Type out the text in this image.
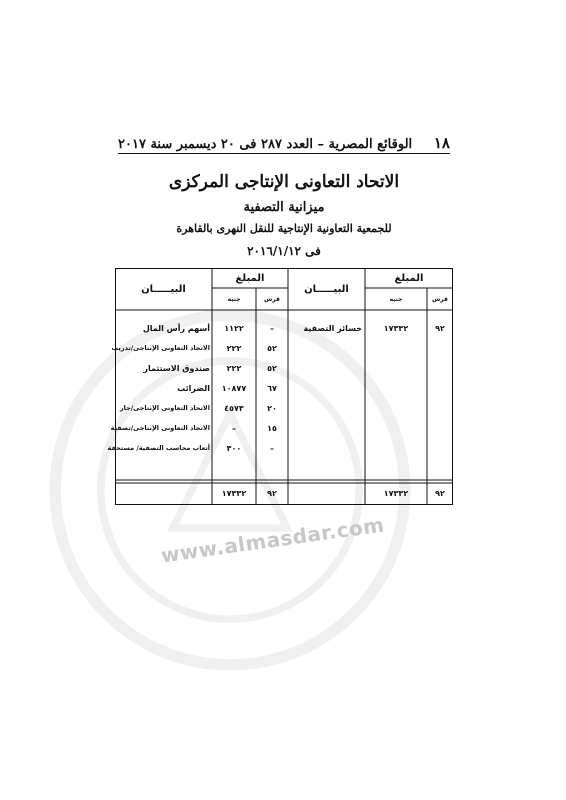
www.almasdar.com
١٨
الوقائع المصرية – العدد ٢٨٧ فى ٢٠ ديسمبر سنة ٢٠١٧
الاتحاد التعاونى الإنتاجى المركزى
ميزانية التصفية
للجمعية التعاونية الإنتاجية للنقل النهرى بالقاهرة
فى ٢٠١٦/١/١٢
المبلغ
قرش
جنيه
البيـــــان
المبلغ
قرش
جنيه
البيـــــان
٩٢
١٧٣٣٢
خسائر التصفية
–
١١٢٢
أسهم رأس المال
٥٢
٢٢٢
الاتحاد التعاونى الإنتاجى/تدريب
٥٢
٢٢٢
صندوق الاستثمار
٦٧
١٠٨٧٧
الضرائب
٢٠
٤٥٧٣
الاتحاد التعاونى الإنتاجى/جار
١٥
–
الاتحاد التعاونى الإنتاجى/تصفية
–
٣٠٠
أتعاب محاسب التصفية/ مستحقة
٩٢
١٧٣٣٢
٩٢
١٧٣٣٢
